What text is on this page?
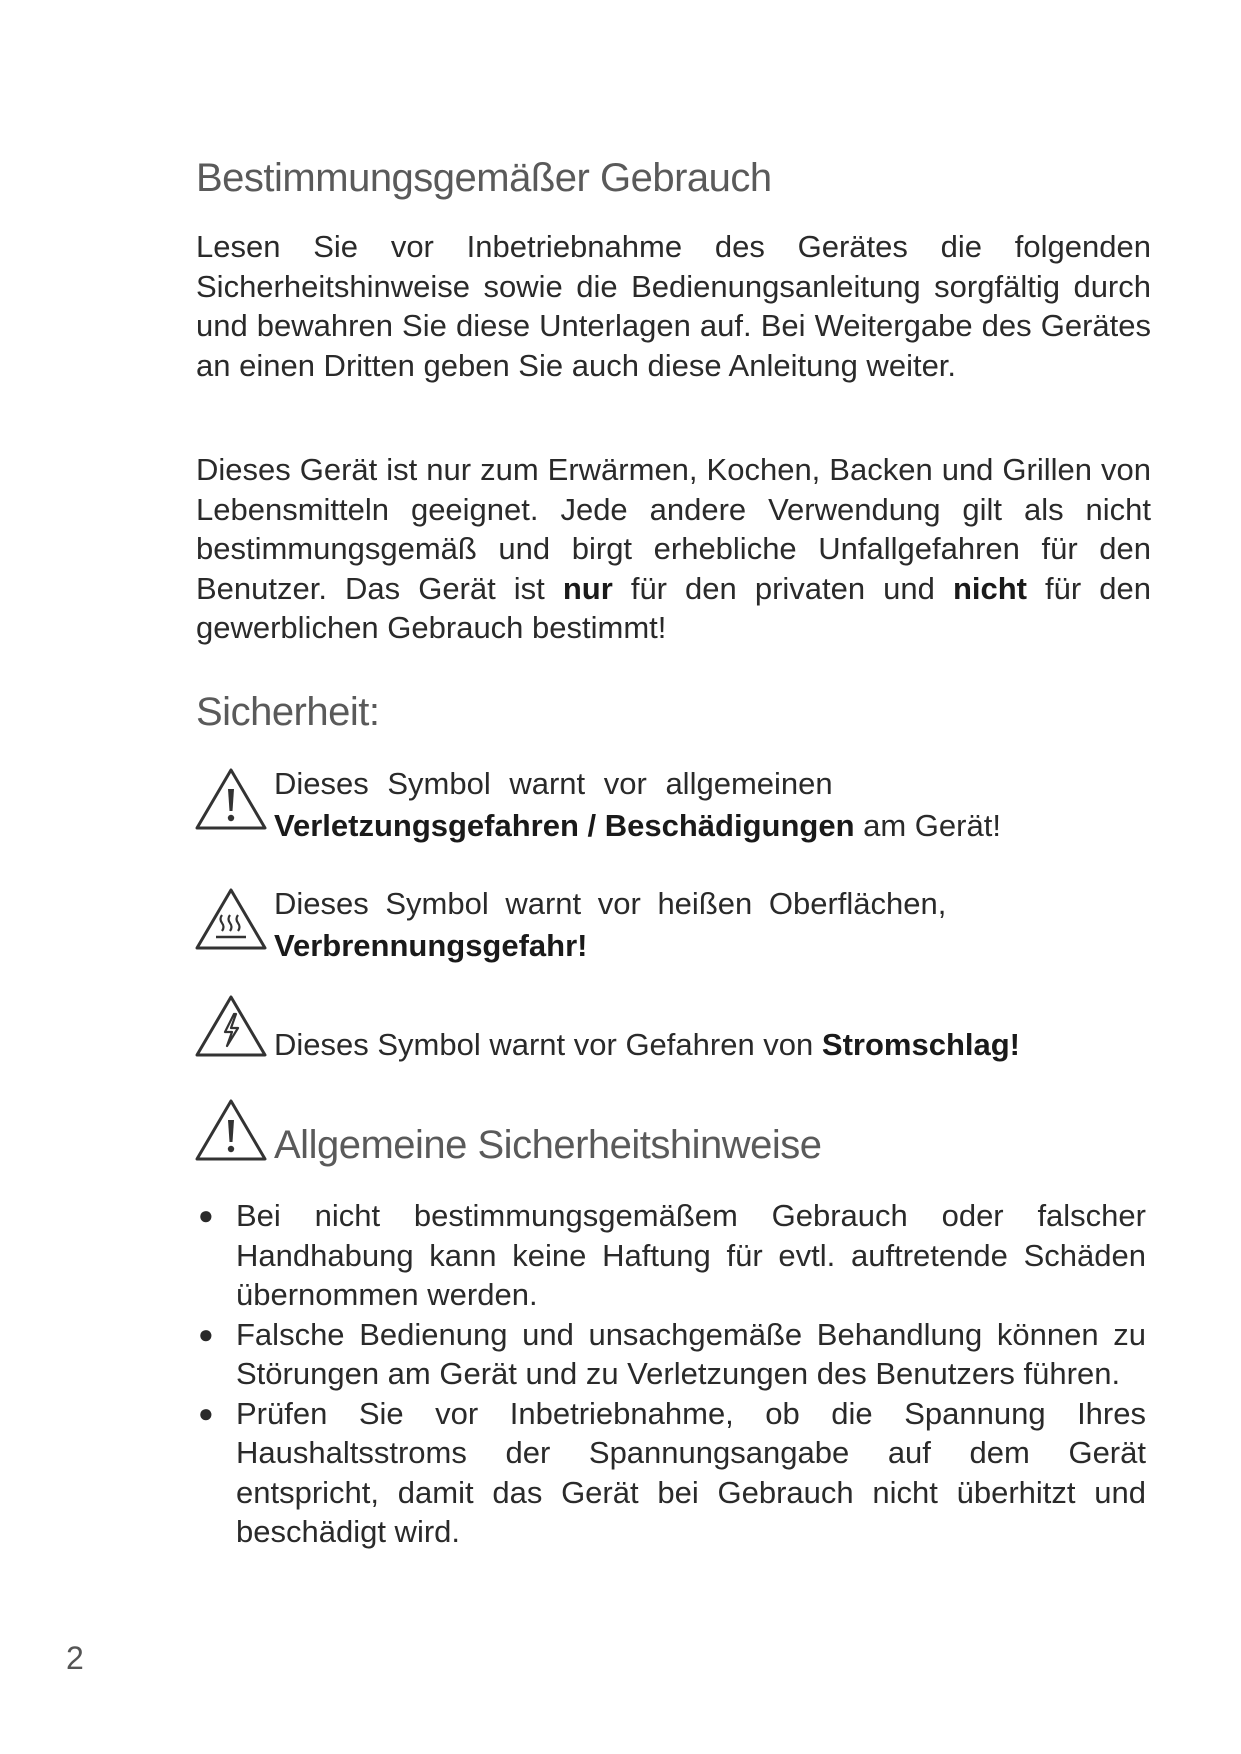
Bestimmungsgemäßer Gebrauch

Lesen Sie vor Inbetriebnahme des Gerätes die folgenden Sicherheitshinweise sowie die Bedienungsanleitung sorgfältig durch und bewahren Sie diese Unterlagen auf. Bei Weitergabe des Gerätes an einen Dritten geben Sie auch diese Anleitung weiter.

Dieses Gerät ist nur zum Erwärmen, Kochen, Backen und Grillen von Lebensmitteln geeignet. Jede andere Verwendung gilt als nicht bestimmungsgemäß und birgt erhebliche Unfallgefahren für den Benutzer. Das Gerät ist nur für den privaten und nicht für den gewerblichen Gebrauch bestimmt!

Sicherheit:
Dieses Symbol warnt vor allgemeinen
Verletzungsgefahren / Beschädigungen am Gerät!
Dieses Symbol warnt vor heißen Oberflächen,
Verbrennungsgefahr!
Dieses Symbol warnt vor Gefahren von Stromschlag!
Allgemeine Sicherheitshinweise
● Bei nicht bestimmungsgemäßem Gebrauch oder falscher Handhabung kann keine Haftung für evtl. auftretende Schäden übernommen werden.
● Falsche Bedienung und unsachgemäße Behandlung können zu Störungen am Gerät und zu Verletzungen des Benutzers führen.
● Prüfen Sie vor Inbetriebnahme, ob die Spannung Ihres Haushaltsstroms der Spannungsangabe auf dem Gerät entspricht, damit das Gerät bei Gebrauch nicht überhitzt und beschädigt wird.
2
